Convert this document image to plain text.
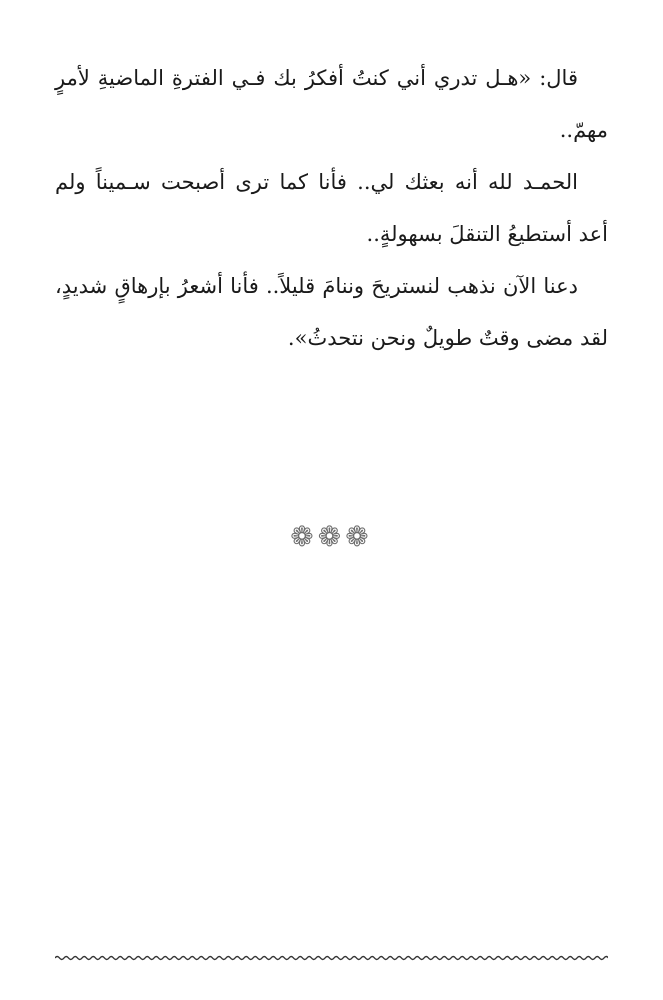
قال: «هـل تدري أني كنتُ أفكرُ بك فـي الفترةِ الماضيةِ لأمرٍ مهمّ..

الحمـد لله أنه بعثك لي.. فأنا كما ترى أصبحت سـميناً ولم أعد أستطيعُ التنقلَ بسهولةٍ..

دعنا الآن نذهب لنستريحَ وننامَ قليلاً.. فأنا أشعرُ بإرهاقٍ شديدٍ، لقد مضى وقتٌ طويلٌ ونحن نتحدثُ».

❁❁❁
